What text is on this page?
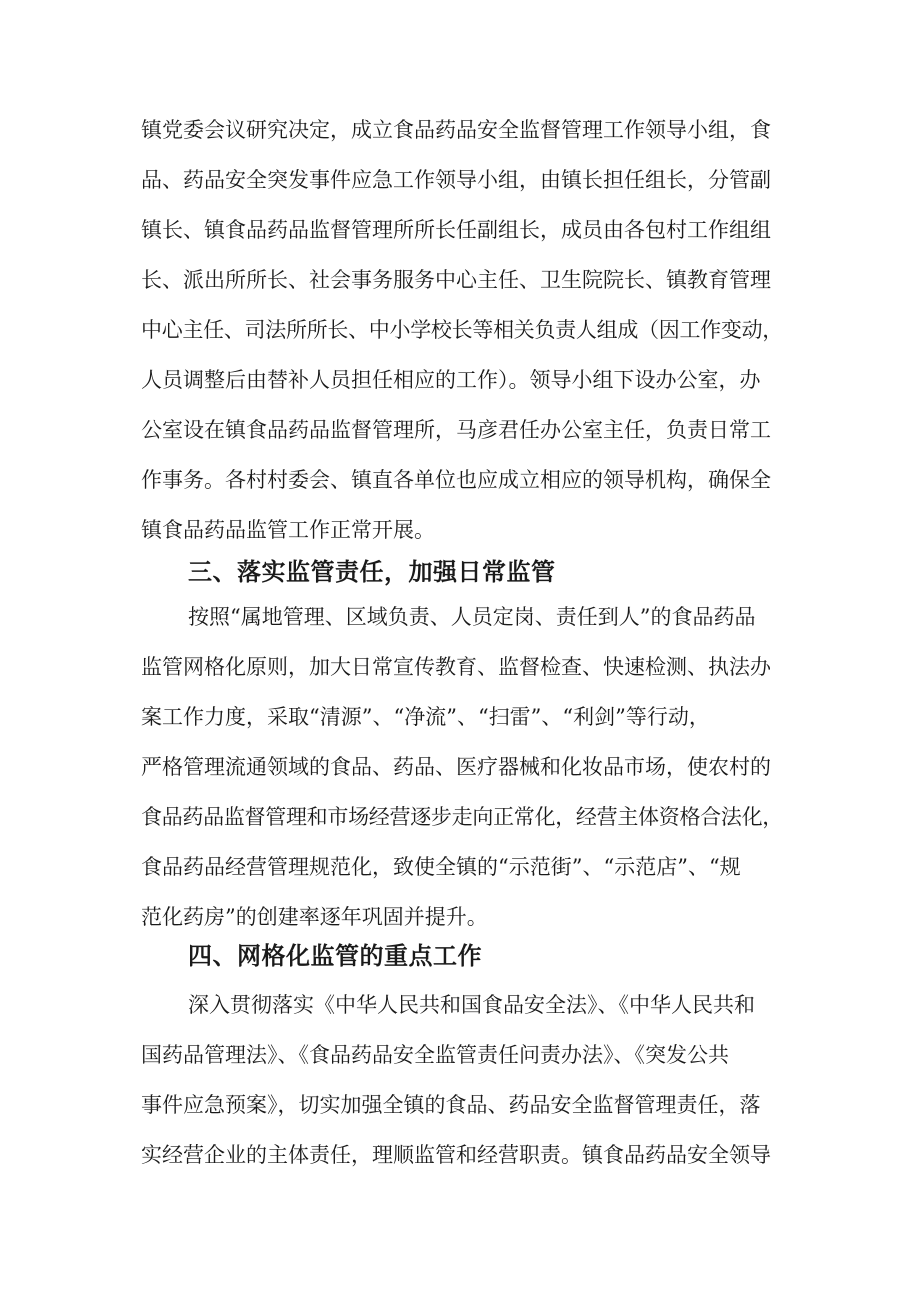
镇党委会议研究决定，成立食品药品安全监督管理工作领导小组，食
品、药品安全突发事件应急工作领导小组，由镇长担任组长，分管副
镇长、镇食品药品监督管理所所长任副组长，成员由各包村工作组组
长、派出所所长、社会事务服务中心主任、卫生院院长、镇教育管理
中心主任、司法所所长、中小学校长等相关负责人组成（因工作变动，
人员调整后由替补人员担任相应的工作）。领导小组下设办公室，办
公室设在镇食品药品监督管理所，马彦君任办公室主任，负责日常工
作事务。各村村委会、镇直各单位也应成立相应的领导机构，确保全
镇食品药品监管工作正常开展。
三、落实监管责任，加强日常监管
按照“属地管理、区域负责、人员定岗、责任到人”的食品药品
监管网格化原则，加大日常宣传教育、监督检查、快速检测、执法办
案工作力度，采取“清源”、“净流”、“扫雷”、“利剑”等行动，
严格管理流通领域的食品、药品、医疗器械和化妆品市场，使农村的
食品药品监督管理和市场经营逐步走向正常化，经营主体资格合法化，
食品药品经营管理规范化，致使全镇的“示范街”、“示范店”、“规
范化药房”的创建率逐年巩固并提升。
四、网格化监管的重点工作
深入贯彻落实《中华人民共和国食品安全法》、《中华人民共和
国药品管理法》、《食品药品安全监管责任问责办法》、《突发公共
事件应急预案》，切实加强全镇的食品、药品安全监督管理责任，落
实经营企业的主体责任，理顺监管和经营职责。镇食品药品安全领导
